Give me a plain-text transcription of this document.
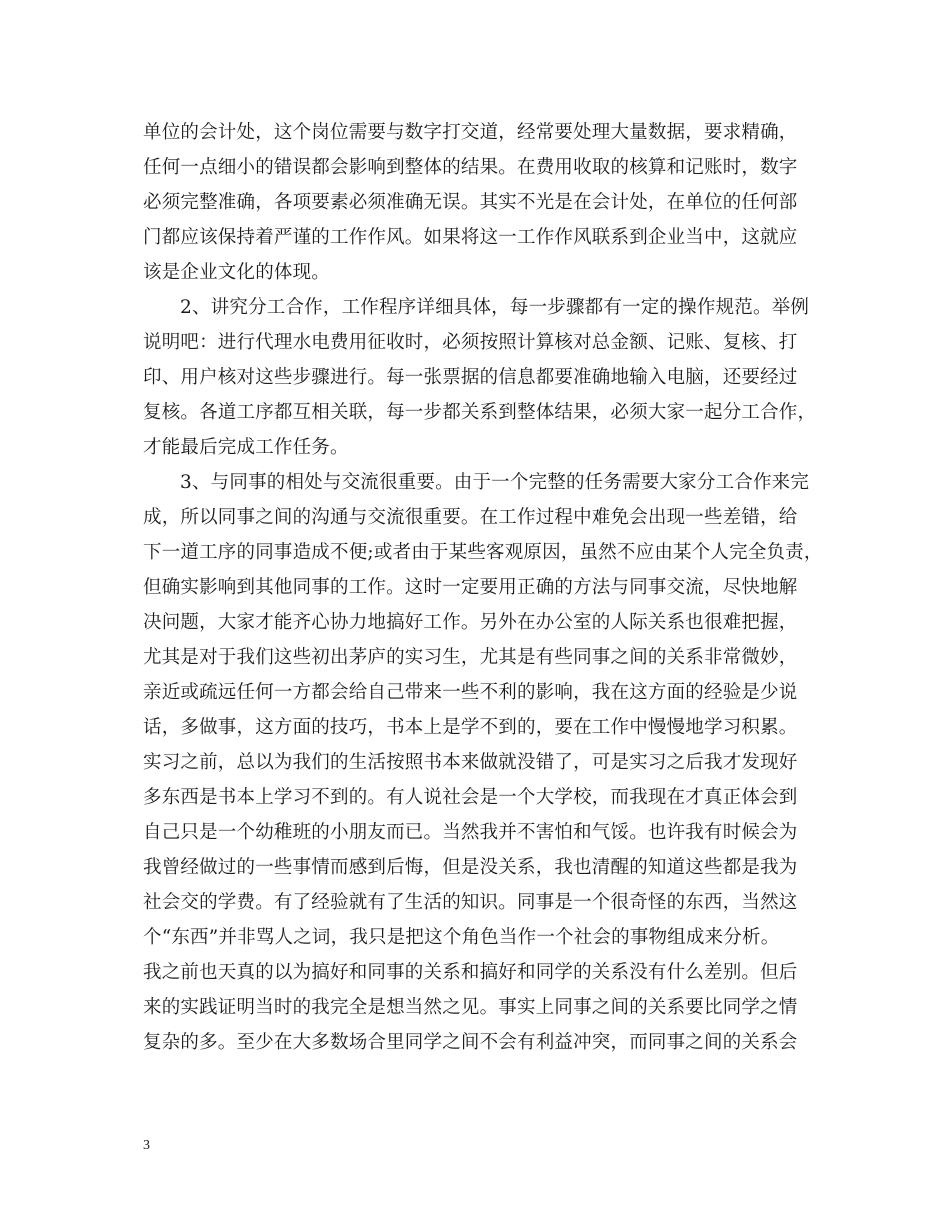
单位的会计处，这个岗位需要与数字打交道，经常要处理大量数据，要求精确，
任何一点细小的错误都会影响到整体的结果。在费用收取的核算和记账时，数字
必须完整准确，各项要素必须准确无误。其实不光是在会计处，在单位的任何部
门都应该保持着严谨的工作作风。如果将这一工作作风联系到企业当中，这就应
该是企业文化的体现。
2、讲究分工合作，工作程序详细具体，每一步骤都有一定的操作规范。举例
说明吧：进行代理水电费用征收时，必须按照计算核对总金额、记账、复核、打
印、用户核对这些步骤进行。每一张票据的信息都要准确地输入电脑，还要经过
复核。各道工序都互相关联，每一步都关系到整体结果，必须大家一起分工合作，
才能最后完成工作任务。
3、与同事的相处与交流很重要。由于一个完整的任务需要大家分工合作来完
成，所以同事之间的沟通与交流很重要。在工作过程中难免会出现一些差错，给
下一道工序的同事造成不便;或者由于某些客观原因，虽然不应由某个人完全负责，
但确实影响到其他同事的工作。这时一定要用正确的方法与同事交流，尽快地解
决问题，大家才能齐心协力地搞好工作。另外在办公室的人际关系也很难把握，
尤其是对于我们这些初出茅庐的实习生，尤其是有些同事之间的关系非常微妙，
亲近或疏远任何一方都会给自己带来一些不利的影响，我在这方面的经验是少说
话，多做事，这方面的技巧，书本上是学不到的，要在工作中慢慢地学习积累。
实习之前，总以为我们的生活按照书本来做就没错了，可是实习之后我才发现好
多东西是书本上学习不到的。有人说社会是一个大学校，而我现在才真正体会到
自己只是一个幼稚班的小朋友而已。当然我并不害怕和气馁。也许我有时候会为
我曾经做过的一些事情而感到后悔，但是没关系，我也清醒的知道这些都是我为
社会交的学费。有了经验就有了生活的知识。同事是一个很奇怪的东西，当然这
个“东西”并非骂人之词，我只是把这个角色当作一个社会的事物组成来分析。
我之前也天真的以为搞好和同事的关系和搞好和同学的关系没有什么差别。但后
来的实践证明当时的我完全是想当然之见。事实上同事之间的关系要比同学之情
复杂的多。至少在大多数场合里同学之间不会有利益冲突，而同事之间的关系会
3
